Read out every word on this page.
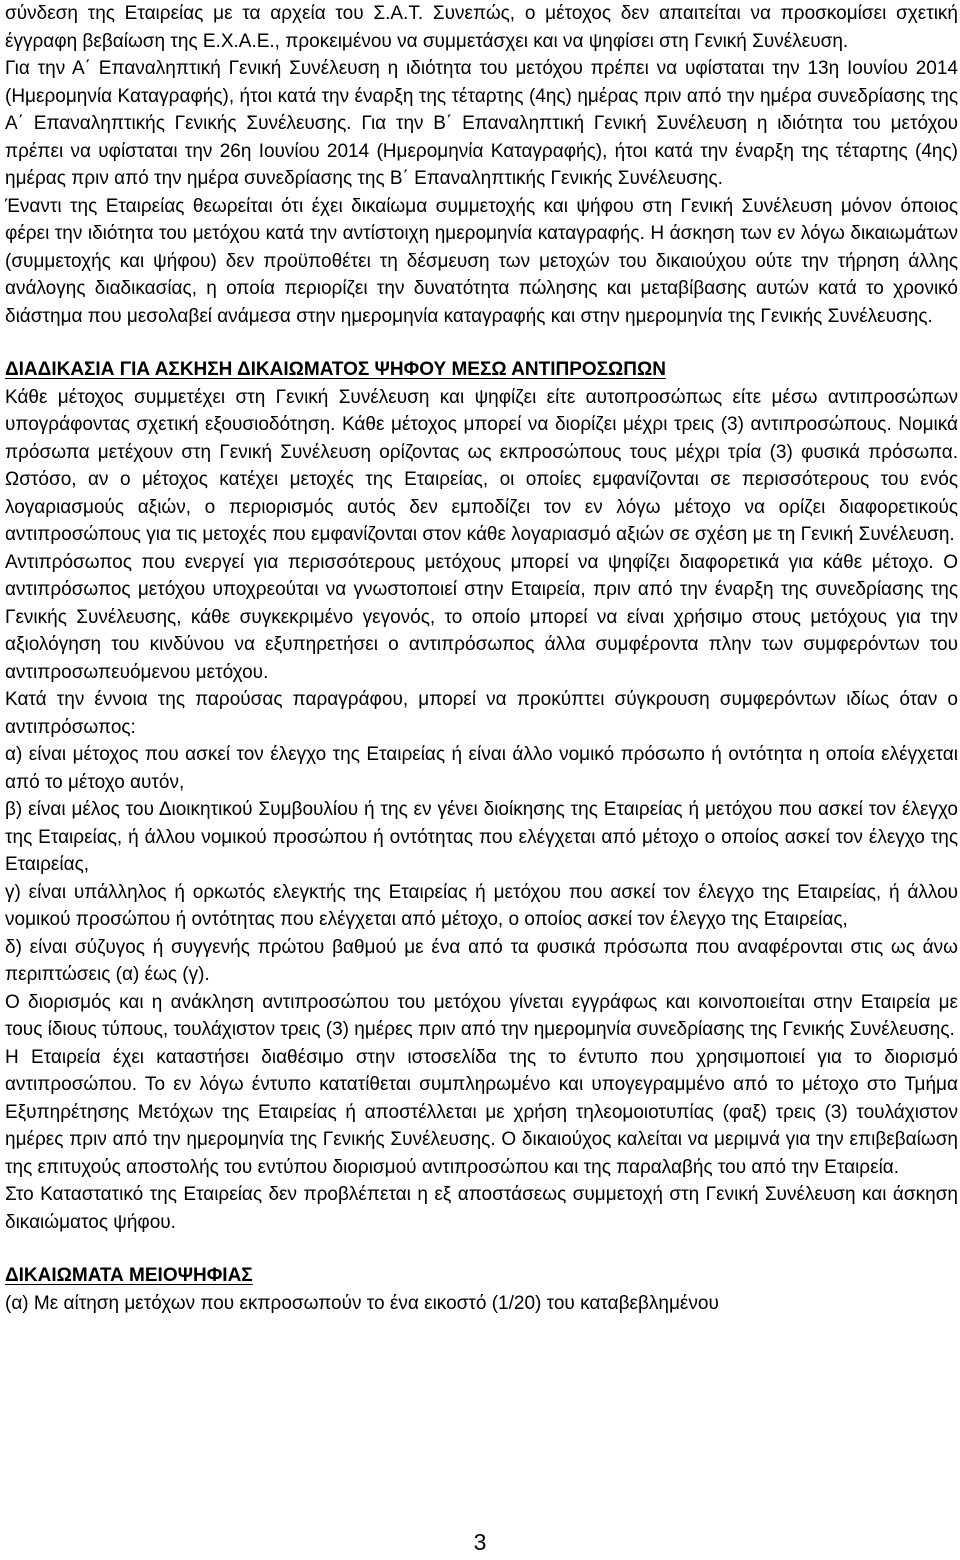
σύνδεση της Εταιρείας με τα αρχεία του Σ.Α.Τ. Συνεπώς, ο μέτοχος δεν απαιτείται να προσκομίσει σχετική έγγραφη βεβαίωση της Ε.Χ.Α.Ε., προκειμένου να συμμετάσχει και να ψηφίσει στη Γενική Συνέλευση.

Για την Α΄ Επαναληπτική Γενική Συνέλευση η ιδιότητα του μετόχου πρέπει να υφίσταται την 13η Ιουνίου 2014 (Ημερομηνία Καταγραφής), ήτοι κατά την έναρξη της τέταρτης (4ης) ημέρας πριν από την ημέρα συνεδρίασης της Α΄ Επαναληπτικής Γενικής Συνέλευσης. Για την Β΄ Επαναληπτική Γενική Συνέλευση η ιδιότητα του μετόχου πρέπει να υφίσταται την 26η Ιουνίου 2014 (Ημερομηνία Καταγραφής), ήτοι κατά την έναρξη της τέταρτης (4ης) ημέρας πριν από την ημέρα συνεδρίασης της Β΄ Επαναληπτικής Γενικής Συνέλευσης.

Έναντι της Εταιρείας θεωρείται ότι έχει δικαίωμα συμμετοχής και ψήφου στη Γενική Συνέλευση μόνον όποιος φέρει την ιδιότητα του μετόχου κατά την αντίστοιχη ημερομηνία καταγραφής. Η άσκηση των εν λόγω δικαιωμάτων (συμμετοχής και ψήφου) δεν προϋποθέτει τη δέσμευση των μετοχών του δικαιούχου ούτε την τήρηση άλλης ανάλογης διαδικασίας, η οποία περιορίζει την δυνατότητα πώλησης και μεταβίβασης αυτών κατά το χρονικό διάστημα που μεσολαβεί ανάμεσα στην ημερομηνία καταγραφής και στην ημερομηνία της Γενικής Συνέλευσης.

ΔΙΑΔΙΚΑΣΙΑ ΓΙΑ ΑΣΚΗΣΗ ΔΙΚΑΙΩΜΑΤΟΣ ΨΗΦΟΥ ΜΕΣΩ ΑΝΤΙΠΡΟΣΩΠΩΝ

Κάθε μέτοχος συμμετέχει στη Γενική Συνέλευση και ψηφίζει είτε αυτοπροσώπως είτε μέσω αντιπροσώπων υπογράφοντας σχετική εξουσιοδότηση. Κάθε μέτοχος μπορεί να διορίζει μέχρι τρεις (3) αντιπροσώπους. Νομικά πρόσωπα μετέχουν στη Γενική Συνέλευση ορίζοντας ως εκπροσώπους τους μέχρι τρία (3) φυσικά πρόσωπα. Ωστόσο, αν ο μέτοχος κατέχει μετοχές της Εταιρείας, οι οποίες εμφανίζονται σε περισσότερους του ενός λογαριασμούς αξιών, ο περιορισμός αυτός δεν εμποδίζει τον εν λόγω μέτοχο να ορίζει διαφορετικούς αντιπροσώπους για τις μετοχές που εμφανίζονται στον κάθε λογαριασμό αξιών σε σχέση με τη Γενική Συνέλευση.

Αντιπρόσωπος που ενεργεί για περισσότερους μετόχους μπορεί να ψηφίζει διαφορετικά για κάθε μέτοχο. Ο αντιπρόσωπος μετόχου υποχρεούται να γνωστοποιεί στην Εταιρεία, πριν από την έναρξη της συνεδρίασης της Γενικής Συνέλευσης, κάθε συγκεκριμένο γεγονός, το οποίο μπορεί να είναι χρήσιμο στους μετόχους για την αξιολόγηση του κινδύνου να εξυπηρετήσει ο αντιπρόσωπος άλλα συμφέροντα πλην των συμφερόντων του αντιπροσωπευόμενου μετόχου.

Κατά την έννοια της παρούσας παραγράφου, μπορεί να προκύπτει σύγκρουση συμφερόντων ιδίως όταν ο αντιπρόσωπος:

α) είναι μέτοχος που ασκεί τον έλεγχο της Εταιρείας ή είναι άλλο νομικό πρόσωπο ή οντότητα η οποία ελέγχεται από το μέτοχο αυτόν,

β) είναι μέλος του Διοικητικού Συμβουλίου ή της εν γένει διοίκησης της Εταιρείας ή μετόχου που ασκεί τον έλεγχο της Εταιρείας, ή άλλου νομικού προσώπου ή οντότητας που ελέγχεται από μέτοχο ο οποίος ασκεί τον έλεγχο της Εταιρείας,

γ) είναι υπάλληλος ή ορκωτός ελεγκτής της Εταιρείας ή μετόχου που ασκεί τον έλεγχο της Εταιρείας, ή άλλου νομικού προσώπου ή οντότητας που ελέγχεται από μέτοχο, ο οποίος ασκεί τον έλεγχο της Εταιρείας,

δ) είναι σύζυγος ή συγγενής πρώτου βαθμού με ένα από τα φυσικά πρόσωπα που αναφέρονται στις ως άνω περιπτώσεις (α) έως (γ).

Ο διορισμός και η ανάκληση αντιπροσώπου του μετόχου γίνεται εγγράφως και κοινοποιείται στην Εταιρεία με τους ίδιους τύπους, τουλάχιστον τρεις (3) ημέρες πριν από την ημερομηνία συνεδρίασης της Γενικής Συνέλευσης.

Η Εταιρεία έχει καταστήσει διαθέσιμο στην ιστοσελίδα της το έντυπο που χρησιμοποιεί για το διορισμό αντιπροσώπου. Το εν λόγω έντυπο κατατίθεται συμπληρωμένο και υπογεγραμμένο από το μέτοχο στο Τμήμα Εξυπηρέτησης Μετόχων της Εταιρείας ή αποστέλλεται με χρήση τηλεομοιοτυπίας (φαξ) τρεις (3) τουλάχιστον ημέρες πριν από την ημερομηνία της Γενικής Συνέλευσης. Ο δικαιούχος καλείται να μεριμνά για την επιβεβαίωση της επιτυχούς αποστολής του εντύπου διορισμού αντιπροσώπου και της παραλαβής του από την Εταιρεία.

Στο Καταστατικό της Εταιρείας δεν προβλέπεται η εξ αποστάσεως συμμετοχή στη Γενική Συνέλευση και άσκηση δικαιώματος ψήφου.

ΔΙΚΑΙΩΜΑΤΑ ΜΕΙΟΨΗΦΙΑΣ

(α) Με αίτηση μετόχων που εκπροσωπούν το ένα εικοστό (1/20) του καταβεβλημένου

3
